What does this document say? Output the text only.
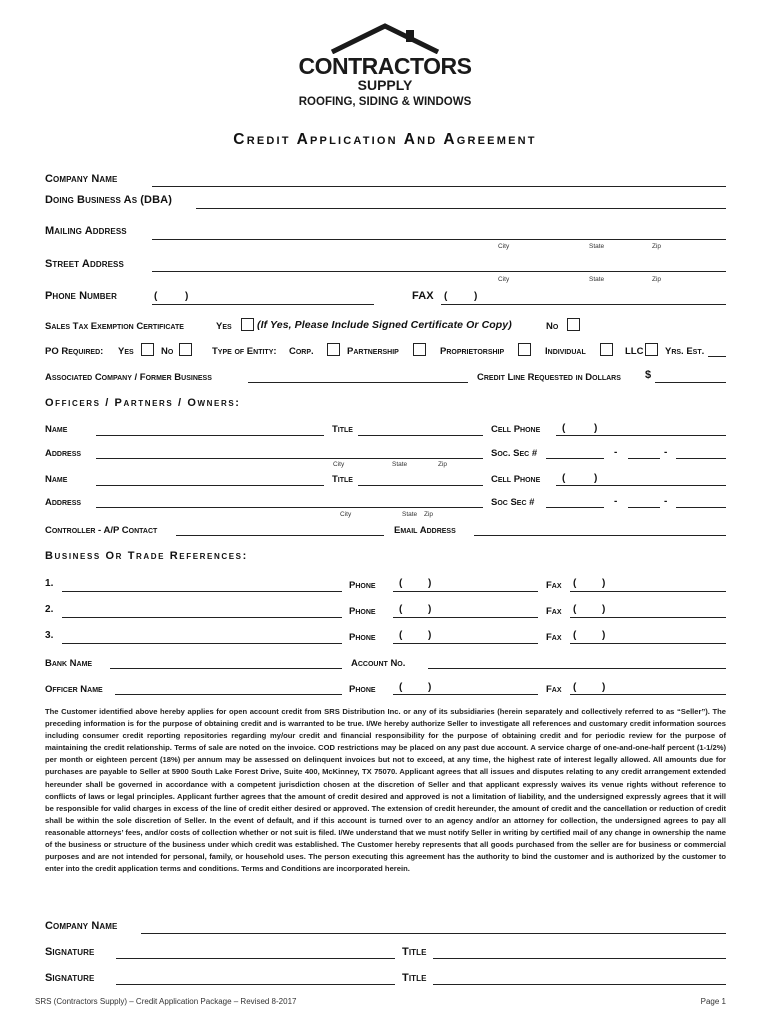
CONTRACTORS
SUPPLY
ROOFING, SIDING & WINDOWS
Credit Application And Agreement
Company Name
Doing Business As (DBA)
Mailing Address
City	State	Zip
Street Address
City	State	Zip
Phone Number	(	)	FAX (	)
Sales Tax Exemption Certificate	Yes (If Yes, Please Include Signed Certificate Or Copy)	No
PO Required: Yes	No	Type of Entity: Corp.	Partnership	Proprietorship	Individual	LLC Yrs. Est.
Associated Company / Former Business	Credit Line Requested in Dollars $
Officers / Partners / Owners:
Name	Title	Cell Phone (	)
Address
City	State	Zip
Soc. Sec #	-	-
Name	Title	Cell Phone (	)
Address
City	State Zip
Soc Sec #	-	-
Controller - A/P Contact	Email Address
Business Or Trade References:
1.	Phone (	)	Fax (	)
2.	Phone (	)	Fax (	)
3.	Phone (	)	Fax (	)
Bank Name	Account No.
Officer Name	Phone (	)	Fax (	)
The Customer identified above hereby applies for open account credit from SRS Distribution Inc. or any of its subsidiaries (herein separately and collectively referred to as “Seller”). The preceding information is for the purpose of obtaining credit and is warranted to be true. I/We hereby authorize Seller to investigate all references and customary credit information sources including consumer credit reporting repositories regarding my/our credit and financial responsibility for the purpose of obtaining credit and for periodic review for the purpose of maintaining the credit relationship. Terms of sale are noted on the invoice. COD restrictions may be placed on any past due account. A service charge of one-and-one-half percent (1-1/2%) per month or eighteen percent (18%) per annum may be assessed on delinquent invoices but not to exceed, at any time, the highest rate of interest legally allowed. All amounts due for purchases are payable to Seller at 5900 South Lake Forest Drive, Suite 400, McKinney, TX 75070. Applicant agrees that all issues and disputes relating to any credit arrangement extended hereunder shall be governed in accordance with a competent jurisdiction chosen at the discretion of Seller and that applicant expressly waives its venue rights without reference to conflicts of laws or legal principles. Applicant further agrees that the amount of credit desired and approved is not a limitation of liability, and the undersigned expressly agrees that it will be responsible for valid charges in excess of the line of credit either desired or approved. The extension of credit hereunder, the amount of credit and the cancellation or reduction of credit shall be within the sole discretion of Seller. In the event of default, and if this account is turned over to an agency and/or an attorney for collection, the undersigned agrees to pay all reasonable attorneys’ fees, and/or costs of collection whether or not suit is filed. I/We understand that we must notify Seller in writing by certified mail of any change in ownership the name of the business or structure of the business under which credit was established. The Customer hereby represents that all goods purchased from the seller are for business or commercial purposes and are not intended for personal, family, or household uses. The person executing this agreement has the authority to bind the customer and is authorized by the customer to enter into the credit application terms and conditions. Terms and Conditions are incorporated herein.
Company Name
Signature	Title
Signature	Title
SRS (Contractors Supply) – Credit Application Package – Revised 8-2017	Page 1
